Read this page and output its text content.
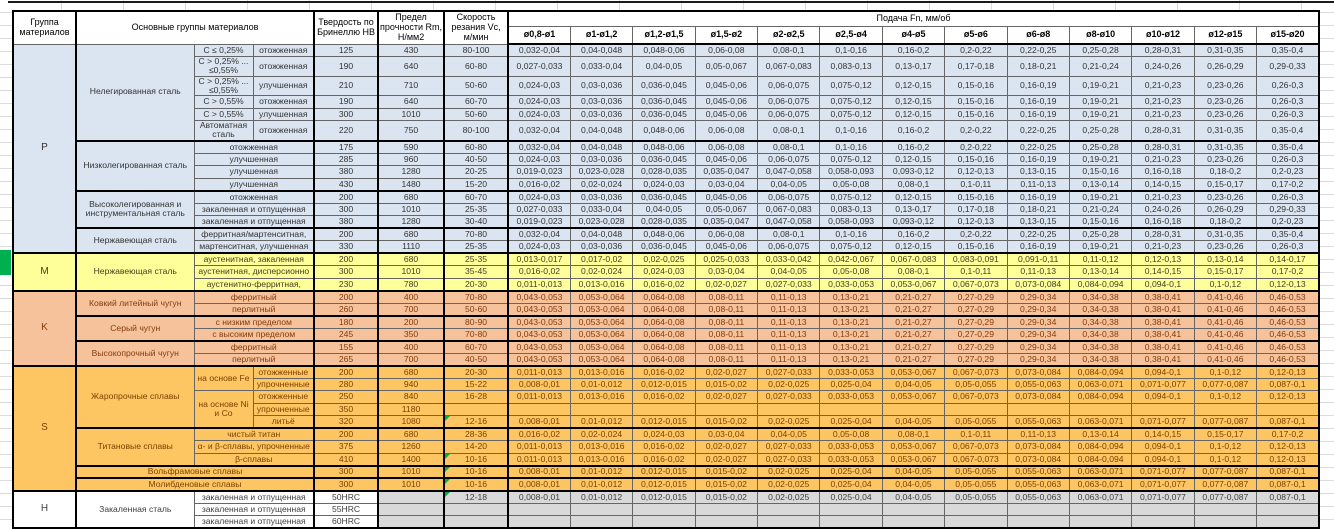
Группа материалов	Основные группы материалов			Твердость по Бринеллю НВ	Предел прочности Rm, Н/мм2	Скорость резания Vc, м/мин	Подача Fn, мм/об												
							ø0,8-ø1	ø1-ø1,2	ø1,2-ø1,5	ø1,5-ø2	ø2-ø2,5	ø2,5-ø4	ø4-ø5	ø5-ø6	ø6-ø8	ø8-ø10	ø10-ø12	ø12-ø15	ø15-ø20
P	Нелегированная сталь	C ≤ 0,25%	отожженная	125	430	80-100	0,032-0,04	0,04-0,048	0,048-0,06	0,06-0,08	0,08-0,1	0,1-0,16	0,16-0,2	0,2-0,22	0,22-0,25	0,25-0,28	0,28-0,31	0,31-0,35	0,35-0,4
		C > 0,25% ... ≤0,55%	отожженная	190	640	60-80	0,027-0,033	0,033-0,04	0,04-0,05	0,05-0,067	0,067-0,083	0,083-0,13	0,13-0,17	0,17-0,18	0,18-0,21	0,21-0,24	0,24-0,26	0,26-0,29	0,29-0,33
		C > 0,25% ... ≤0,55%	улучшенная	210	710	50-60	0,024-0,03	0,03-0,036	0,036-0,045	0,045-0,06	0,06-0,075	0,075-0,12	0,12-0,15	0,15-0,16	0,16-0,19	0,19-0,21	0,21-0,23	0,23-0,26	0,26-0,3
		C > 0,55%	отожженная	190	640	60-70	0,024-0,03	0,03-0,036	0,036-0,045	0,045-0,06	0,06-0,075	0,075-0,12	0,12-0,15	0,15-0,16	0,16-0,19	0,19-0,21	0,21-0,23	0,23-0,26	0,26-0,3
		C > 0,55%	улучшенная	300	1010	50-60	0,024-0,03	0,03-0,036	0,036-0,045	0,045-0,06	0,06-0,075	0,075-0,12	0,12-0,15	0,15-0,16	0,16-0,19	0,19-0,21	0,21-0,23	0,23-0,26	0,26-0,3
		Автоматная сталь	отожженная	220	750	80-100	0,032-0,04	0,04-0,048	0,048-0,06	0,06-0,08	0,08-0,1	0,1-0,16	0,16-0,2	0,2-0,22	0,22-0,25	0,25-0,28	0,28-0,31	0,31-0,35	0,35-0,4
	Низколегированная сталь	отожженная		175	590	60-80	0,032-0,04	0,04-0,048	0,048-0,06	0,06-0,08	0,08-0,1	0,1-0,16	0,16-0,2	0,2-0,22	0,22-0,25	0,25-0,28	0,28-0,31	0,31-0,35	0,35-0,4
		улучшенная		285	960	40-50	0,024-0,03	0,03-0,036	0,036-0,045	0,045-0,06	0,06-0,075	0,075-0,12	0,12-0,15	0,15-0,16	0,16-0,19	0,19-0,21	0,21-0,23	0,23-0,26	0,26-0,3
		улучшенная		380	1280	20-25	0,019-0,023	0,023-0,028	0,028-0,035	0,035-0,047	0,047-0,058	0,058-0,093	0,093-0,12	0,12-0,13	0,13-0,15	0,15-0,16	0,16-0,18	0,18-0,2	0,2-0,23
		улучшенная		430	1480	15-20	0,016-0,02	0,02-0,024	0,024-0,03	0,03-0,04	0,04-0,05	0,05-0,08	0,08-0,1	0,1-0,11	0,11-0,13	0,13-0,14	0,14-0,15	0,15-0,17	0,17-0,2
	Высоколегированная и инструментальная сталь	отожженная		200	680	60-70	0,024-0,03	0,03-0,036	0,036-0,045	0,045-0,06	0,06-0,075	0,075-0,12	0,12-0,15	0,15-0,16	0,16-0,19	0,19-0,21	0,21-0,23	0,23-0,26	0,26-0,3
		закаленная и отпущенная		300	1010	25-35	0,027-0,033	0,033-0,04	0,04-0,05	0,05-0,067	0,067-0,083	0,083-0,13	0,13-0,17	0,17-0,18	0,18-0,21	0,21-0,24	0,24-0,26	0,26-0,29	0,29-0,33
		закаленная и отпущенная		380	1280	30-40	0,019-0,023	0,023-0,028	0,028-0,035	0,035-0,047	0,047-0,058	0,058-0,093	0,093-0,12	0,12-0,13	0,13-0,15	0,15-0,16	0,16-0,18	0,18-0,2	0,2-0,23
	Нержавеющая сталь	ферритная/мартенситная,		200	680	70-80	0,032-0,04	0,04-0,048	0,048-0,06	0,06-0,08	0,08-0,1	0,1-0,16	0,16-0,2	0,2-0,22	0,22-0,25	0,25-0,28	0,28-0,31	0,31-0,35	0,35-0,4
		мартенситная, улучшенная		330	1110	25-35	0,024-0,03	0,03-0,036	0,036-0,045	0,045-0,06	0,06-0,075	0,075-0,12	0,12-0,15	0,15-0,16	0,16-0,19	0,19-0,21	0,21-0,23	0,23-0,26	0,26-0,3
M	Нержавеющая сталь	аустенитная, закаленная		200	680	25-35	0,013-0,017	0,017-0,02	0,02-0,025	0,025-0,033	0,033-0,042	0,042-0,067	0,067-0,083	0,083-0,091	0,091-0,11	0,11-0,12	0,12-0,13	0,13-0,14	0,14-0,17
		аустенитная, дисперсионно		300	1010	35-45	0,016-0,02	0,02-0,024	0,024-0,03	0,03-0,04	0,04-0,05	0,05-0,08	0,08-0,1	0,1-0,11	0,11-0,13	0,13-0,14	0,14-0,15	0,15-0,17	0,17-0,2
		аустенитно-ферритная,		230	780	20-30	0,011-0,013	0,013-0,016	0,016-0,02	0,02-0,027	0,027-0,033	0,033-0,053	0,053-0,067	0,067-0,073	0,073-0,084	0,084-0,094	0,094-0,1	0,1-0,12	0,12-0,13
K	Ковкий литейный чугун	ферритный		200	400	70-80	0,043-0,053	0,053-0,064	0,064-0,08	0,08-0,11	0,11-0,13	0,13-0,21	0,21-0,27	0,27-0,29	0,29-0,34	0,34-0,38	0,38-0,41	0,41-0,46	0,46-0,53
		перлитный		260	700	50-60	0,043-0,053	0,053-0,064	0,064-0,08	0,08-0,11	0,11-0,13	0,13-0,21	0,21-0,27	0,27-0,29	0,29-0,34	0,34-0,38	0,38-0,41	0,41-0,46	0,46-0,53
	Серый чугун	с низким пределом		180	200	80-90	0,043-0,053	0,053-0,064	0,064-0,08	0,08-0,11	0,11-0,13	0,13-0,21	0,21-0,27	0,27-0,29	0,29-0,34	0,34-0,38	0,38-0,41	0,41-0,46	0,46-0,53
		с высоким пределом		245	350	70-80	0,043-0,053	0,053-0,064	0,064-0,08	0,08-0,11	0,11-0,13	0,13-0,21	0,21-0,27	0,27-0,29	0,29-0,34	0,34-0,38	0,38-0,41	0,41-0,46	0,46-0,53
	Высокопрочный чугун	ферритный		155	400	60-70	0,043-0,053	0,053-0,064	0,064-0,08	0,08-0,11	0,11-0,13	0,13-0,21	0,21-0,27	0,27-0,29	0,29-0,34	0,34-0,38	0,38-0,41	0,41-0,46	0,46-0,53
		перлитный		265	700	40-50	0,043-0,053	0,053-0,064	0,064-0,08	0,08-0,11	0,11-0,13	0,13-0,21	0,21-0,27	0,27-0,29	0,29-0,34	0,34-0,38	0,38-0,41	0,41-0,46	0,46-0,53
S	Жаропрочные сплавы	на основе Fe	отожженные	200	680	20-30	0,011-0,013	0,013-0,016	0,016-0,02	0,02-0,027	0,027-0,033	0,033-0,053	0,053-0,067	0,067-0,073	0,073-0,084	0,084-0,094	0,094-0,1	0,1-0,12	0,12-0,13
			упрочненные	280	940	15-22	0,008-0,01	0,01-0,012	0,012-0,015	0,015-0,02	0,02-0,025	0,025-0,04	0,04-0,05	0,05-0,055	0,055-0,063	0,063-0,071	0,071-0,077	0,077-0,087	0,087-0,1
		на основе Ni и Co	отожженные	250	840	16-28	0,011-0,013	0,013-0,016	0,016-0,02	0,02-0,027	0,027-0,033	0,033-0,053	0,053-0,067	0,067-0,073	0,073-0,084	0,084-0,094	0,094-0,1	0,1-0,12	0,12-0,13
			упрочненные	350	1180														
			литьё	320	1080	12-16	0,008-0,01	0,01-0,012	0,012-0,015	0,015-0,02	0,02-0,025	0,025-0,04	0,04-0,05	0,05-0,055	0,055-0,063	0,063-0,071	0,071-0,077	0,077-0,087	0,087-0,1
	Титановые сплавы	чистый титан		200	680	28-36	0,016-0,02	0,02-0,024	0,024-0,03	0,03-0,04	0,04-0,05	0,05-0,08	0,08-0,1	0,1-0,11	0,11-0,13	0,13-0,14	0,14-0,15	0,15-0,17	0,17-0,2
		α- и β-сплавы, упрочненные		375	1260	14-20	0,011-0,013	0,013-0,016	0,016-0,02	0,02-0,027	0,027-0,033	0,033-0,053	0,053-0,067	0,067-0,073	0,073-0,084	0,084-0,094	0,094-0,1	0,1-0,12	0,12-0,13
		β-сплавы		410	1400	10-16	0,011-0,013	0,013-0,016	0,016-0,02	0,02-0,027	0,027-0,033	0,033-0,053	0,053-0,067	0,067-0,073	0,073-0,084	0,084-0,094	0,094-0,1	0,1-0,12	0,12-0,13
	Вольфрамовые сплавы			300	1010	10-16	0,008-0,01	0,01-0,012	0,012-0,015	0,015-0,02	0,02-0,025	0,025-0,04	0,04-0,05	0,05-0,055	0,055-0,063	0,063-0,071	0,071-0,077	0,077-0,087	0,087-0,1
	Молибденовые сплавы			300	1010	10-16	0,008-0,01	0,01-0,012	0,012-0,015	0,015-0,02	0,02-0,025	0,025-0,04	0,04-0,05	0,05-0,055	0,055-0,063	0,063-0,071	0,071-0,077	0,077-0,087	0,087-0,1
H	Закаленная сталь	закаленная и отпущенная		50HRC		12-18	0,008-0,01	0,01-0,012	0,012-0,015	0,015-0,02	0,02-0,025	0,025-0,04	0,04-0,05	0,05-0,055	0,055-0,063	0,063-0,071	0,071-0,077	0,077-0,087	0,087-0,1
		закаленная и отпущенная		55HRC															
		закаленная и отпущенная		60HRC															
